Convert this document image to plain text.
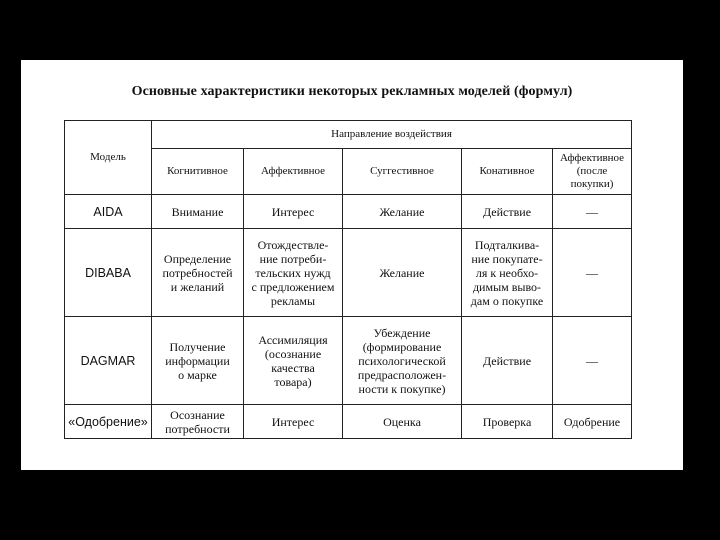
Основные характеристики некоторых рекламных моделей (формул)
Модель	Направление воздействия				
	Когнитивное	Аффективное	Суггестивное	Конативное	Аффективное
(после
покупки)
AIDA	Внимание	Интерес	Желание	Действие	—
DIBABA	Определение
потребностей
и желаний	Отождествле-
ние потреби-
тельских нужд
с предложением
рекламы	Желание	Подталкива-
ние покупате-
ля к необхо-
димым выво-
дам о покупке	—
DAGMAR	Получение
информации
о марке	Ассимиляция
(осознание
качества
товара)	Убеждение
(формирование
психологической
предрасположен-
ности к покупке)	Действие	—
«Одобрение»	Осознание
потребности	Интерес	Оценка	Проверка	Одобрение
